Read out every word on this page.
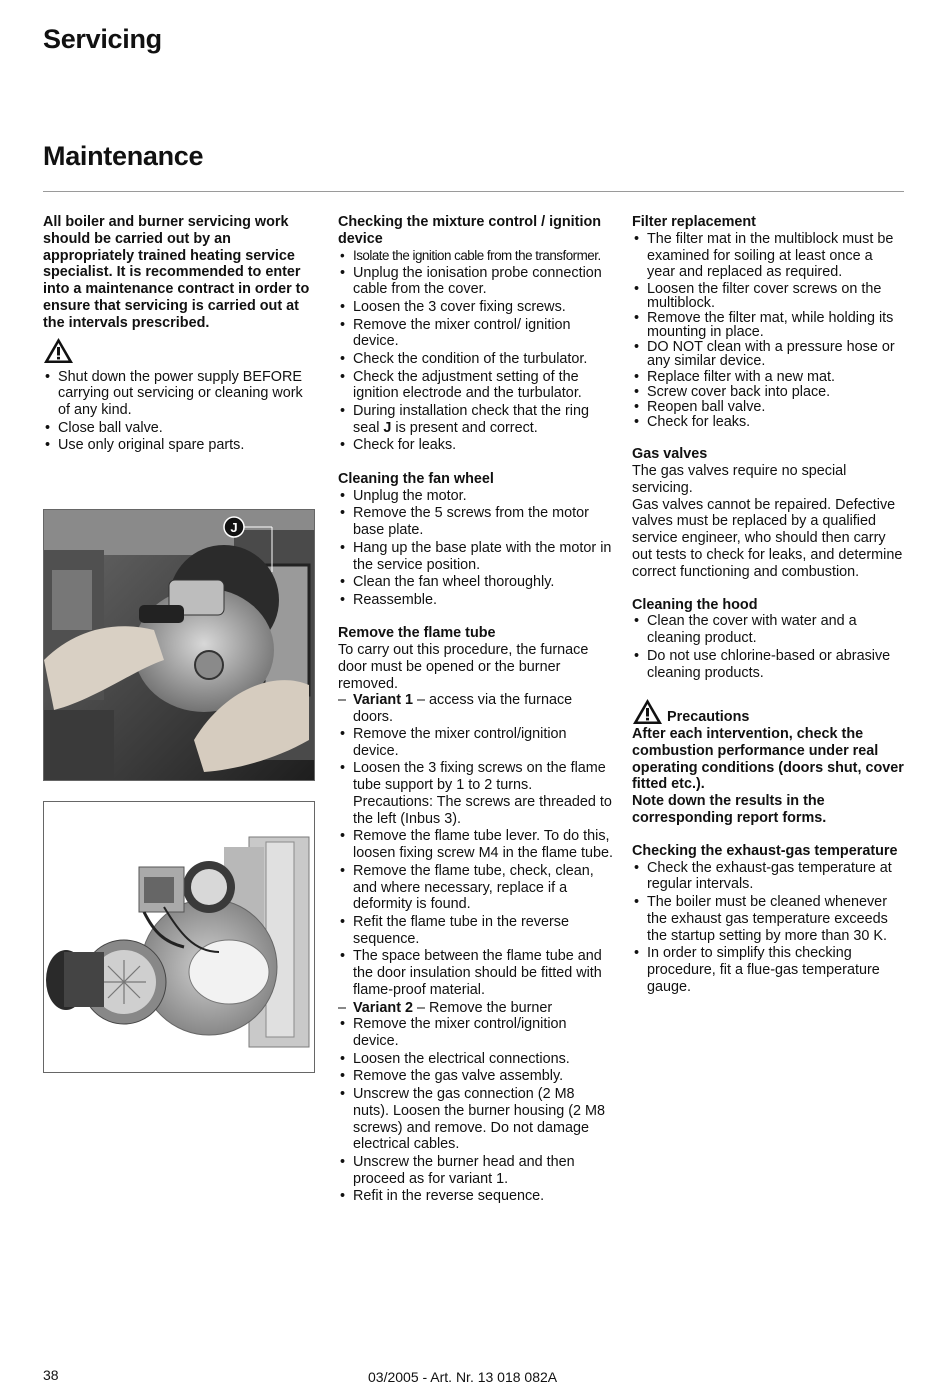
Servicing
Maintenance

All boiler and burner servicing work should be carried out by an appropriately trained heating service specialist. It is recommended to enter into a maintenance contract in order to ensure that servicing is carried out at the intervals prescribed.

• Shut down the power supply BEFORE carrying out servicing or cleaning work of any kind.
• Close ball valve.
• Use only original spare parts.
J

Checking the mixture control / ignition device

• Isolate the ignition cable from the transformer.
• Unplug the ionisation probe connection cable from the cover.
• Loosen the 3 cover fixing screws.
• Remove the mixer control/ ignition device.
• Check the condition of the turbulator.
• Check the adjustment setting of the ignition electrode and the turbulator.
• During installation check that the ring seal J is present and correct.
• Check for leaks.

Cleaning the fan wheel

• Unplug the motor.
• Remove the 5 screws from the motor base plate.
• Hang up the base plate with the motor in the service position.
• Clean the fan wheel thoroughly.
• Reassemble.

Remove the flame tube

To carry out this procedure, the furnace door must be opened or the burner removed.

– Variant 1 – access via the furnace doors.

• Remove the mixer control/ignition device.
• Loosen the 3 fixing screws on the flame tube support by 1 to 2 turns. Precautions: The screws are threaded to the left (Inbus 3).
• Remove the flame tube lever. To do this, loosen fixing screw M4 in the flame tube.
• Remove the flame tube, check, clean, and where necessary, replace if a deformity is found.
• Refit the flame tube in the reverse sequence.
• The space between the flame tube and the door insulation should be fitted with flame-proof material.

– Variant 2 – Remove the burner

• Remove the mixer control/ignition device.
• Loosen the electrical connections.
• Remove the gas valve assembly.
• Unscrew the gas connection (2 M8 nuts). Loosen the burner housing (2 M8 screws) and remove. Do not damage electrical cables.
• Unscrew the burner head and then proceed as for variant 1.
• Refit in the reverse sequence.

Filter replacement

• The filter mat in the multiblock must be examined for soiling at least once a year and replaced as required.
• Loosen the filter cover screws on the multiblock.
• Remove the filter mat, while holding its mounting in place.
• DO NOT clean with a pressure hose or any similar device.
• Replace filter with a new mat.
• Screw cover back into place.
• Reopen ball valve.
• Check for leaks.

Gas valves

The gas valves require no special servicing.

Gas valves cannot be repaired. Defective valves must be replaced by a qualified service engineer, who should then carry out tests to check for leaks, and determine correct functioning and combustion.

Cleaning the hood

• Clean the cover with water and a cleaning product.
• Do not use chlorine-based or abrasive cleaning products.

Precautions

After each intervention, check the combustion performance under real operating conditions (doors shut, cover fitted etc.).

Note down the results in the corresponding report forms.

Checking the exhaust-gas temperature

• Check the exhaust-gas temperature at regular intervals.
• The boiler must be cleaned whenever the exhaust gas temperature exceeds the startup setting by more than 30 K.
• In order to simplify this checking procedure, fit a flue-gas temperature gauge.
38	03/2005 - Art. Nr. 13 018 082A
